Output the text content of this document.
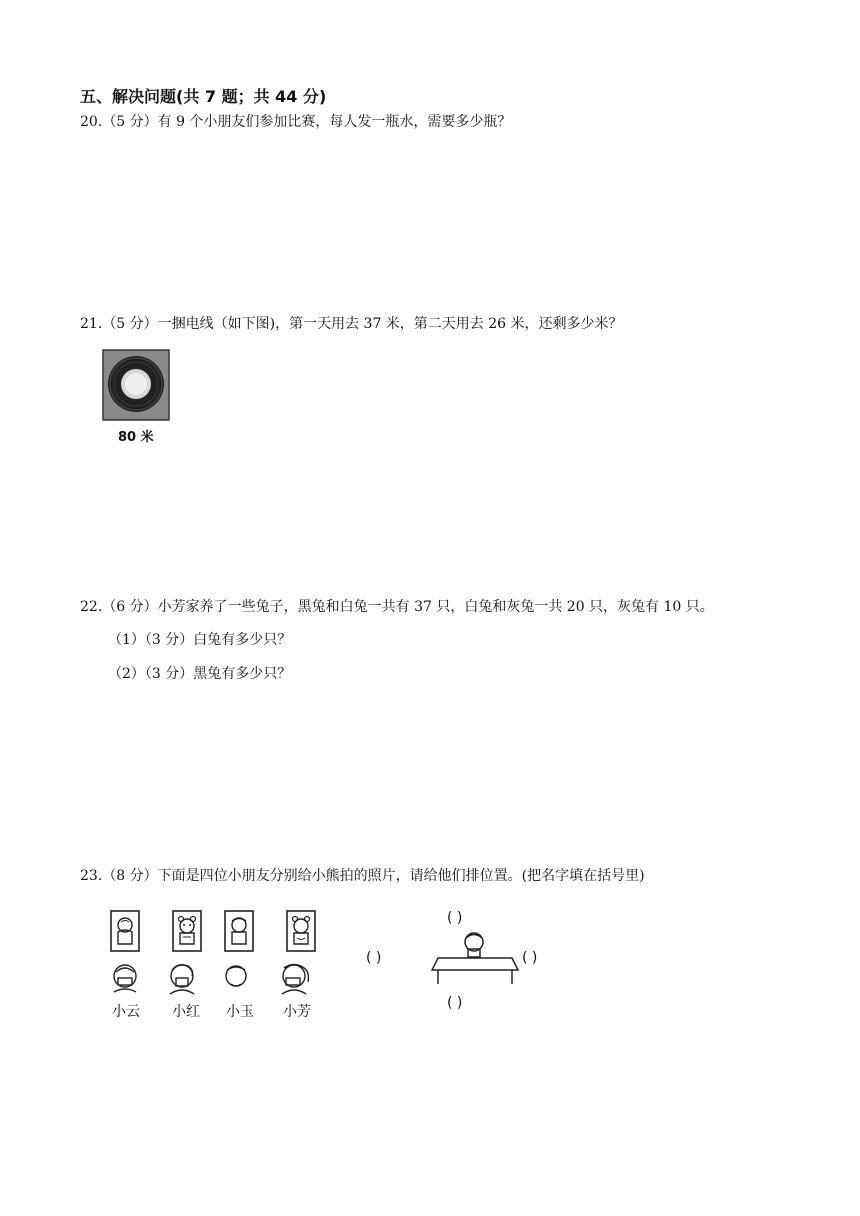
五、解决问题(共 7 题；共 44 分)
20.（5 分）有 9 个小朋友们参加比赛，每人发一瓶水，需要多少瓶？
21.（5 分）一捆电线（如下图)，第一天用去 37 米，第二天用去 26 米，还剩多少米？
80 米
22.（6 分）小芳家养了一些兔子，黑兔和白兔一共有 37 只，白兔和灰兔一共 20 只，灰兔有 10 只。
（1）（3 分）白兔有多少只？
（2）（3 分）黑兔有多少只？
23.（8 分）下面是四位小朋友分别给小熊拍的照片，请给他们排位置。(把名字填在括号里)
小云 小红 小玉 小芳
( )
( )	( )
( )
